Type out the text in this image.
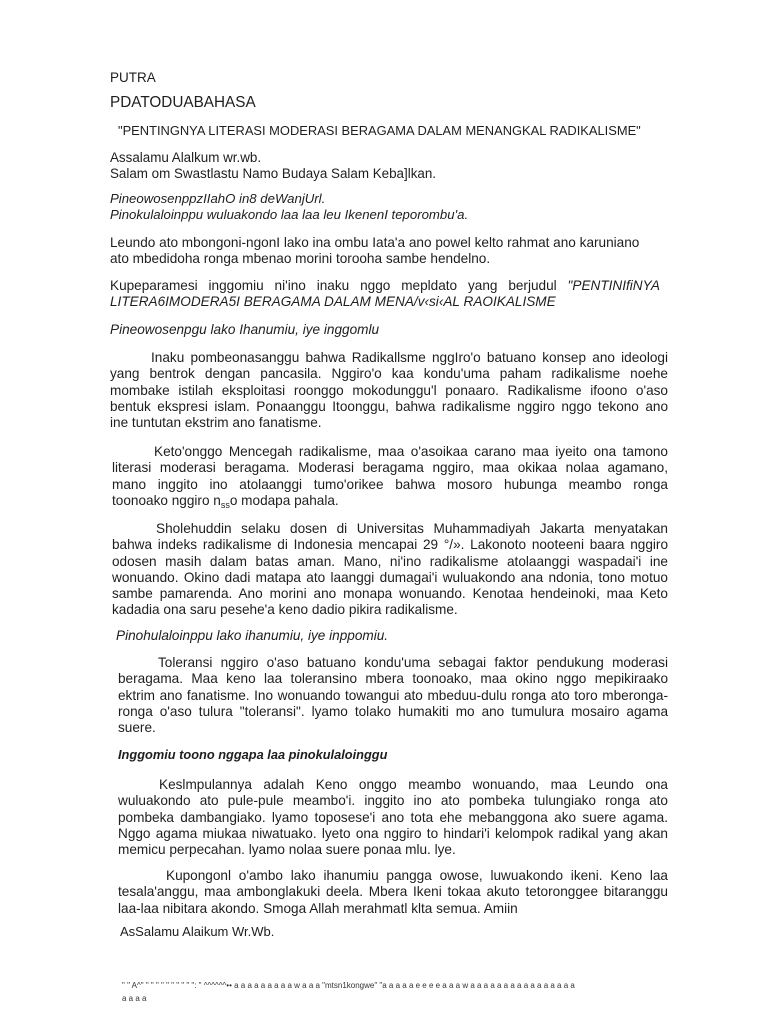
PUTRA
PDATODUABAHASA
"PENTINGNYA LITERASI MODERASI BERAGAMA DALAM MENANGKAL RADIKALISME"
Assalamu Alalkum wr.wb.
Salam om Swastlastu Namo Budaya Salam Keba]lkan.
PineowosenppzIIahO in8 deWanjUrl.
Pinokulaloinppu wuluakondo laa laa leu IkenenI teporombu'a.
Leundo ato mbongoni-ngonI lako ina ombu Iata'a ano powel kelto rahmat ano karuniano
ato mbedidoha ronga mbenao morini torooha sambe hendelno.
Kupeparamesi inggomiu ni'ino inaku nggo mepldato yang berjudul "PENTINIfiNYA
LITERA6IMODERA5I BERAGAMA DALAM MENA/v‹si‹AL RAOIKALISME
Pineowosenpgu lako Ihanumiu, iye inggomlu
Inaku pombeonasanggu bahwa Radikallsme nggIro'o batuano konsep ano ideologi
yang bentrok dengan pancasila. Nggiro'o kaa kondu'uma paham radikalisme noehe
mombake istilah eksploitasi roonggo mokodunggu'l ponaaro. Radikalisme ifoono o'aso
bentuk ekspresi islam. Ponaanggu Itoonggu, bahwa radikalisme nggiro nggo tekono ano
ine tuntutan ekstrim ano fanatisme.
Keto'onggo Mencegah radikalisme, maa o'asoikaa carano maa iyeito ona tamono
literasi moderasi beragama. Moderasi beragama nggiro, maa okikaa nolaa agamano,
mano inggito ino atolaanggi tumo'orikee bahwa mosoro hubunga meambo ronga
toonoako nggiro $n_{ss}o$ modapa pahala.
Sholehuddin selaku dosen di Universitas Muhammadiyah Jakarta menyatakan
bahwa indeks radikalisme di Indonesia mencapai 29 °/». Lakonoto nooteeni baara nggiro
odosen masih dalam batas aman. Mano, ni'ino radikalisme atolaanggi waspadai'i ine
wonuando. Okino dadi matapa ato laanggi dumagai'i wuluakondo ana ndonia, tono motuo
sambe pamarenda. Ano morini ano monapa wonuando. Kenotaa hendeinoki, maa Keto
kadadia ona saru pesehe'a keno dadio pikira radikalisme.
Pinohulaloinppu lako ihanumiu, iye inppomiu.
Toleransi nggiro o'aso batuano kondu'uma sebagai faktor pendukung moderasi
beragama. Maa keno laa toleransino mbera toonoako, maa okino nggo mepikiraako
ektrim ano fanatisme. Ino wonuando towangui ato mbeduu-dulu ronga ato toro mberonga-
ronga o'aso tulura "toleransi". lyamo tolako humakiti mo ano tumulura mosairo agama
suere.
Inggomiu toono nggapa laa pinokulaloinggu
Keslmpulannya adalah Keno onggo meambo wonuando, maa Leundo ona
wuluakondo ato pule-pule meambo'i. inggito ino ato pombeka tulungiako ronga ato
pombeka dambangiako. lyamo toposese'i ano tota ehe mebanggona ako suere agama.
Nggo agama miukaa niwatuako. lyeto ona nggiro to hindari'i kelompok radikal yang akan
memicu perpecahan. lyamo nolaa suere ponaa mlu. lye.
Kupongonl o'ambo lako ihanumiu pangga owose, luwuakondo ikeni. Keno laa
tesala'anggu, maa ambonglakuki deela. Mbera Ikeni tokaa akuto tetoronggee bitaranggu
laa-laa nibitara akondo. Smoga Allah merahmatl klta semua. Amiin
AsSalamu Alaikum Wr.Wb.
" " A^" " " " " " " " " " ": " ^^^^^^•• a a a a a a a a a w a a a "mtsn1kongwe" "a a a a a e e e e a a a w a a a a a a a a a a a a a a a a
a a a a
